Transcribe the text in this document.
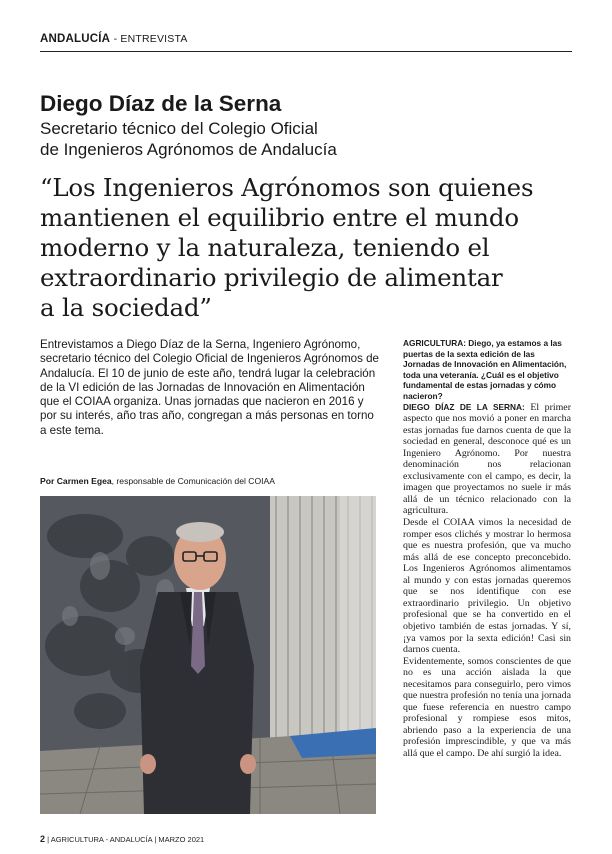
ANDALUCÍA - ENTREVISTA
Diego Díaz de la Serna
Secretario técnico del Colegio Oficial
de Ingenieros Agrónomos de Andalucía
“Los Ingenieros Agrónomos son quienes
mantienen el equilibrio entre el mundo
moderno y la naturaleza, teniendo el
extraordinario privilegio de alimentar
a la sociedad”
Entrevistamos a Diego Díaz de la Serna, Ingeniero Agrónomo, secretario técnico del Colegio Oficial de Ingenieros Agrónomos de Andalucía. El 10 de junio de este año, tendrá lugar la celebración de la VI edición de las Jornadas de Innovación en Alimentación que el COIAA organiza. Unas jornadas que nacieron en 2016 y por su interés, año tras año, congregan a más personas en torno a este tema.
Por Carmen Egea, responsable de Comunicación del COIAA
AGRICULTURA: Diego, ya estamos a las puertas de la sexta edición de las Jornadas de Innovación en Alimentación, toda una veteranía. ¿Cuál es el objetivo fundamental de estas jornadas y cómo nacieron?

DIEGO DÍAZ DE LA SERNA: El primer aspecto que nos movió a poner en marcha estas jornadas fue darnos cuenta de que la sociedad en general, desconoce qué es un Ingeniero Agrónomo. Por nuestra denominación nos relacionan exclusivamente con el campo, es decir, la imagen que proyectamos no suele ir más allá de un técnico relacionado con la agricultura.

Desde el COIAA vimos la necesidad de romper esos clichés y mostrar lo hermosa que es nuestra profesión, que va mucho más allá de ese concepto preconcebido. Los Ingenieros Agrónomos alimentamos al mundo y con estas jornadas queremos que se nos identifique con ese extraordinario privilegio. Un objetivo profesional que se ha convertido en el objetivo también de estas jornadas. Y sí, ¡ya vamos por la sexta edición! Casi sin darnos cuenta.

Evidentemente, somos conscientes de que no es una acción aislada la que necesitamos para conseguirlo, pero vimos que nuestra profesión no tenía una jornada que fuese referencia en nuestro campo profesional y rompiese esos mitos, abriendo paso a la experiencia de una profesión imprescindible, y que va más allá que el campo. De ahí surgió la idea.

2 | AGRICULTURA - ANDALUCÍA | MARZO 2021
